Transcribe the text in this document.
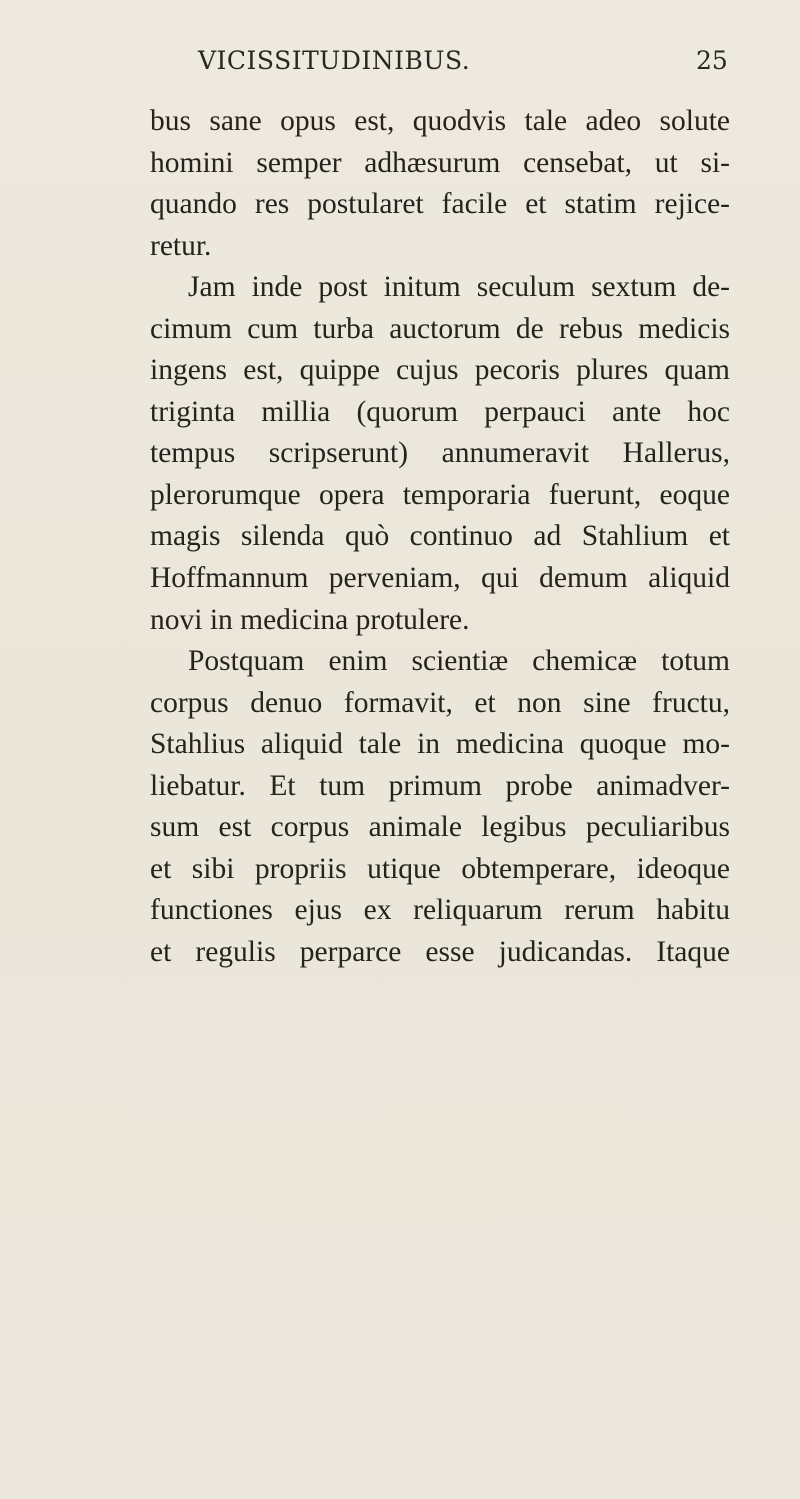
VICISSITUDINIBUS.	25
bus sane opus est, quodvis tale adeo solute
homini semper adhæsurum censebat, ut si-
quando res postularet facile et statim rejice-
retur.
Jam inde post initum seculum sextum de-
cimum cum turba auctorum de rebus medicis
ingens est, quippe cujus pecoris plures quam
triginta millia (quorum perpauci ante hoc
tempus scripserunt) annumeravit Hallerus,
plerorumque opera temporaria fuerunt, eoque
magis silenda quò continuo ad Stahlium et
Hoffmannum perveniam, qui demum aliquid
novi in medicina protulere.
Postquam enim scientiæ chemicæ totum
corpus denuo formavit, et non sine fructu,
Stahlius aliquid tale in medicina quoque mo-
liebatur. Et tum primum probe animadver-
sum est corpus animale legibus peculiaribus
et sibi propriis utique obtemperare, ideoque
functiones ejus ex reliquarum rerum habitu
et regulis perparce esse judicandas. Itaque
